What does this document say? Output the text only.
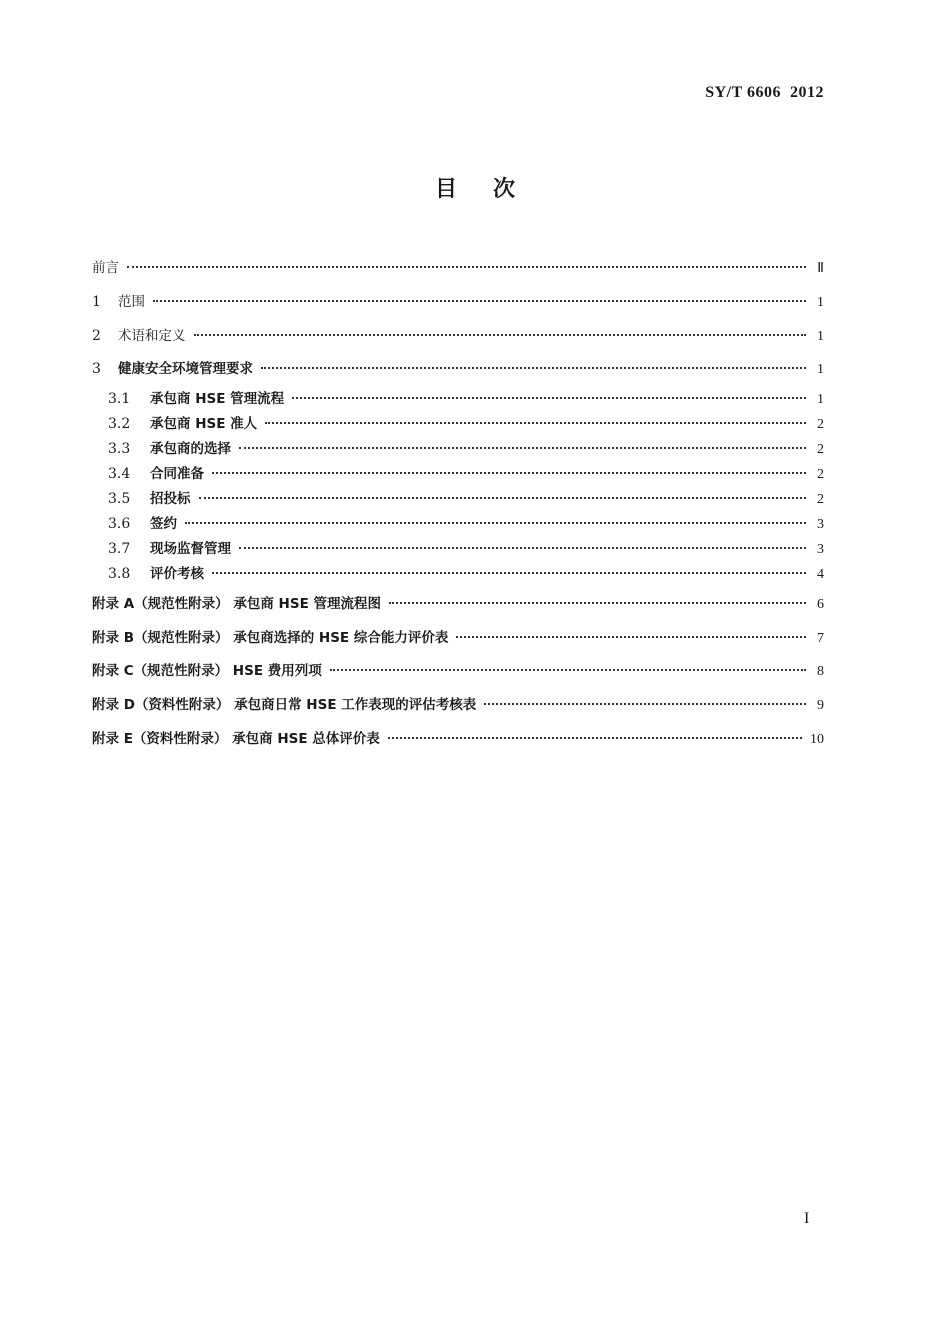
SY/T 6606  2012
目次
前言	Ⅱ
1	范围	1
2	术语和定义	1
3	健康安全环境管理要求	1
3.1	承包商 HSE 管理流程	1
3.2	承包商 HSE 准人	2
3.3	承包商的选择	2
3.4	合同准备	2
3.5	招投标	2
3.6	签约	3
3.7	现场监督管理	3
3.8	评价考核	4
附录 A（规范性附录） 承包商 HSE 管理流程图	6
附录 B（规范性附录） 承包商选择的 HSE 综合能力评价表	7
附录 C（规范性附录） HSE 费用列项	8
附录 D（资料性附录） 承包商日常 HSE 工作表现的评估考核表	9
附录 E（资料性附录） 承包商 HSE 总体评价表	10
I
